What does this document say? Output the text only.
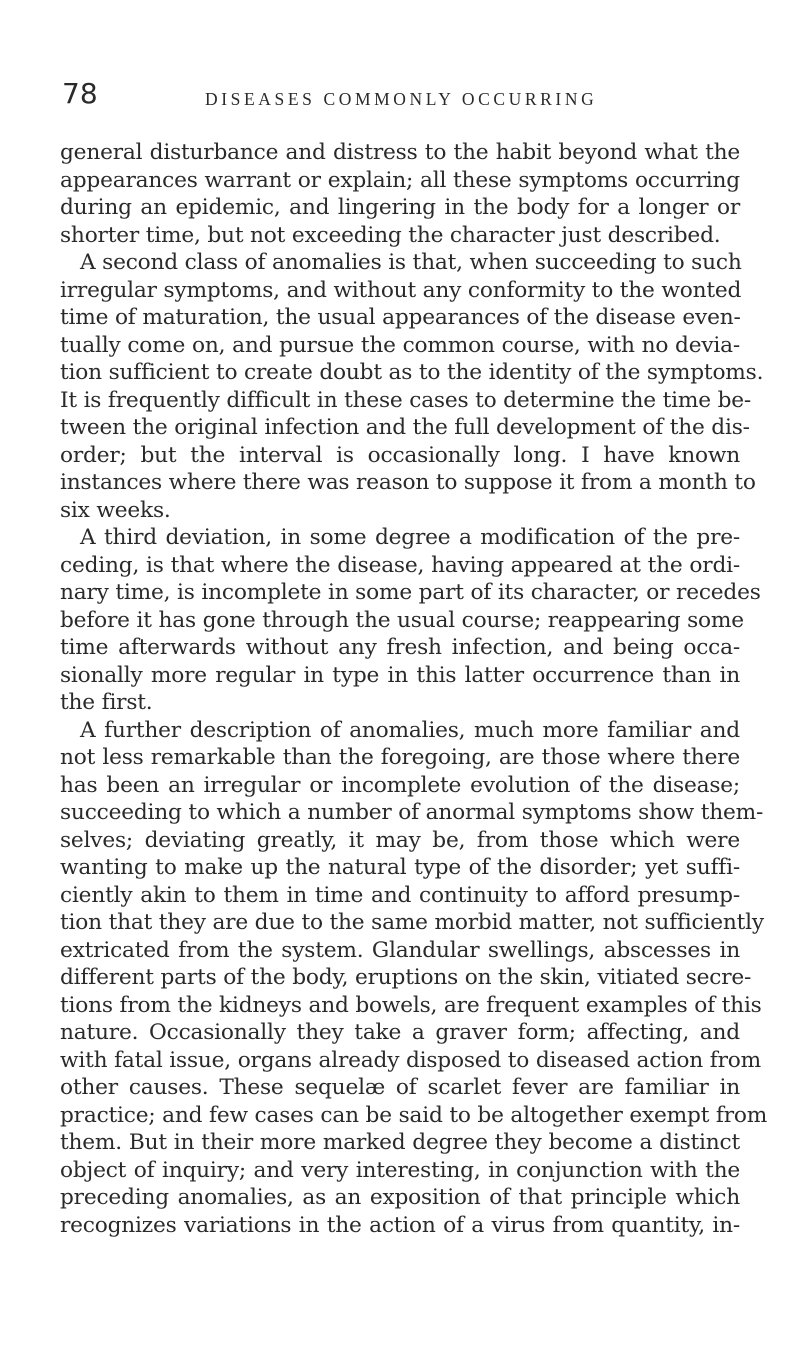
78	DISEASES COMMONLY OCCURRING
general disturbance and distress to the habit beyond what the
appearances warrant or explain; all these symptoms occurring
during an epidemic, and lingering in the body for a longer or
shorter time, but not exceeding the character just described.
A second class of anomalies is that, when succeeding to such
irregular symptoms, and without any conformity to the wonted
time of maturation, the usual appearances of the disease even-
tually come on, and pursue the common course, with no devia-
tion sufficient to create doubt as to the identity of the symptoms.
It is frequently difficult in these cases to determine the time be-
tween the original infection and the full development of the dis-
order; but the interval is occasionally long. I have known
instances where there was reason to suppose it from a month to
six weeks.
A third deviation, in some degree a modification of the pre-
ceding, is that where the disease, having appeared at the ordi-
nary time, is incomplete in some part of its character, or recedes
before it has gone through the usual course; reappearing some
time afterwards without any fresh infection, and being occa-
sionally more regular in type in this latter occurrence than in
the first.
A further description of anomalies, much more familiar and
not less remarkable than the foregoing, are those where there
has been an irregular or incomplete evolution of the disease;
succeeding to which a number of anormal symptoms show them-
selves; deviating greatly, it may be, from those which were
wanting to make up the natural type of the disorder; yet suffi-
ciently akin to them in time and continuity to afford presump-
tion that they are due to the same morbid matter, not sufficiently
extricated from the system. Glandular swellings, abscesses in
different parts of the body, eruptions on the skin, vitiated secre-
tions from the kidneys and bowels, are frequent examples of this
nature. Occasionally they take a graver form; affecting, and
with fatal issue, organs already disposed to diseased action from
other causes. These sequelæ of scarlet fever are familiar in
practice; and few cases can be said to be altogether exempt from
them. But in their more marked degree they become a distinct
object of inquiry; and very interesting, in conjunction with the
preceding anomalies, as an exposition of that principle which
recognizes variations in the action of a virus from quantity, in-
